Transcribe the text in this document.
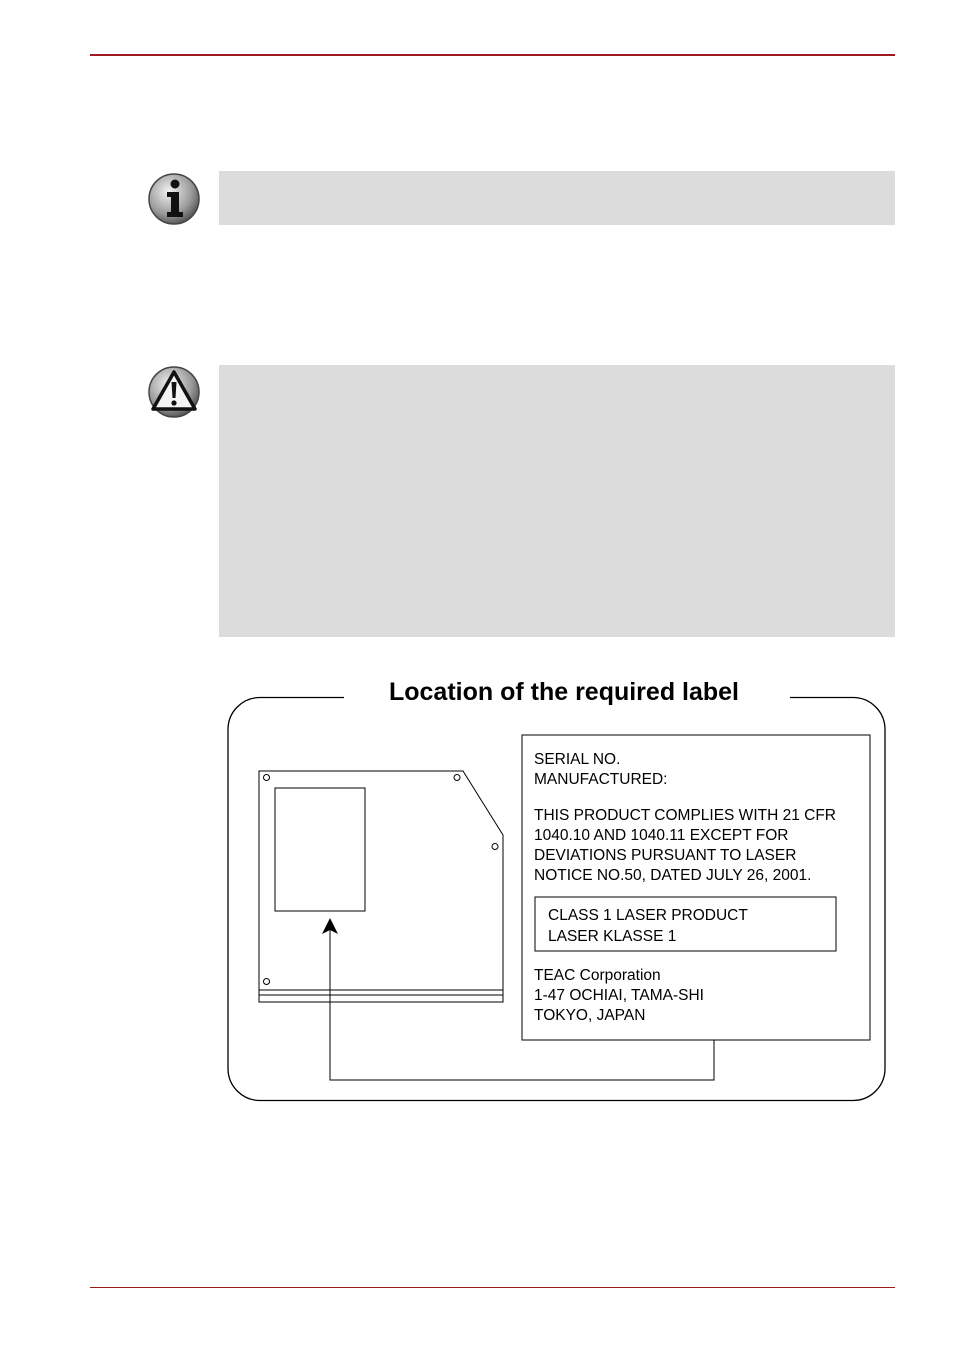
Location of the required label
SERIAL NO.
MANUFACTURED:
THIS PRODUCT COMPLIES WITH 21 CFR
1040.10 AND 1040.11 EXCEPT FOR
DEVIATIONS PURSUANT TO LASER
NOTICE NO.50, DATED JULY 26, 2001.
CLASS 1 LASER PRODUCT
LASER KLASSE 1
TEAC Corporation
1-47 OCHIAI, TAMA-SHI
TOKYO, JAPAN
